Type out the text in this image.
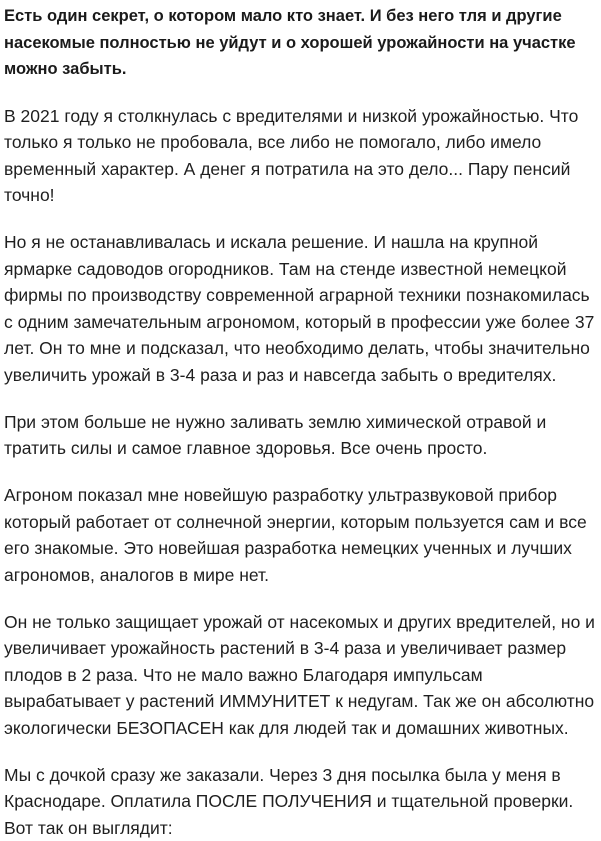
Есть один секрет, о котором мало кто знает. И без него тля и другие насекомые полностью не уйдут и о хорошей урожайности на участке можно забыть.

В 2021 году я столкнулась с вредителями и низкой урожайностью. Что только я только не пробовала, все либо не помогало, либо имело временный характер. А денег я потратила на это дело... Пару пенсий точно!

Но я не останавливалась и искала решение. И нашла на крупной ярмарке садоводов огородников. Там на стенде известной немецкой фирмы по производству современной аграрной техники познакомилась с одним замечательным агрономом, который в профессии уже более 37 лет. Он то мне и подсказал, что необходимо делать, чтобы значительно увеличить урожай в 3-4 раза и раз и навсегда забыть о вредителях.

При этом больше не нужно заливать землю химической отравой и тратить силы и самое главное здоровья. Все очень просто.

Агроном показал мне новейшую разработку ультразвуковой прибор который работает от солнечной энергии, которым пользуется сам и все его знакомые. Это новейшая разработка немецких ученных и лучших агрономов, аналогов в мире нет.

Он не только защищает урожай от насекомых и других вредителей, но и увеличивает урожайность растений в 3-4 раза и увеличивает размер плодов в 2 раза. Что не мало важно Благодаря импульсам вырабатывает у растений ИММУНИТЕТ к недугам. Так же он абсолютно экологически БЕЗОПАСЕН как для людей так и домашних животных.

Мы с дочкой сразу же заказали. Через 3 дня посылка была у меня в Краснодаре. Оплатила ПОСЛЕ ПОЛУЧЕНИЯ и тщательной проверки. Вот так он выглядит:
